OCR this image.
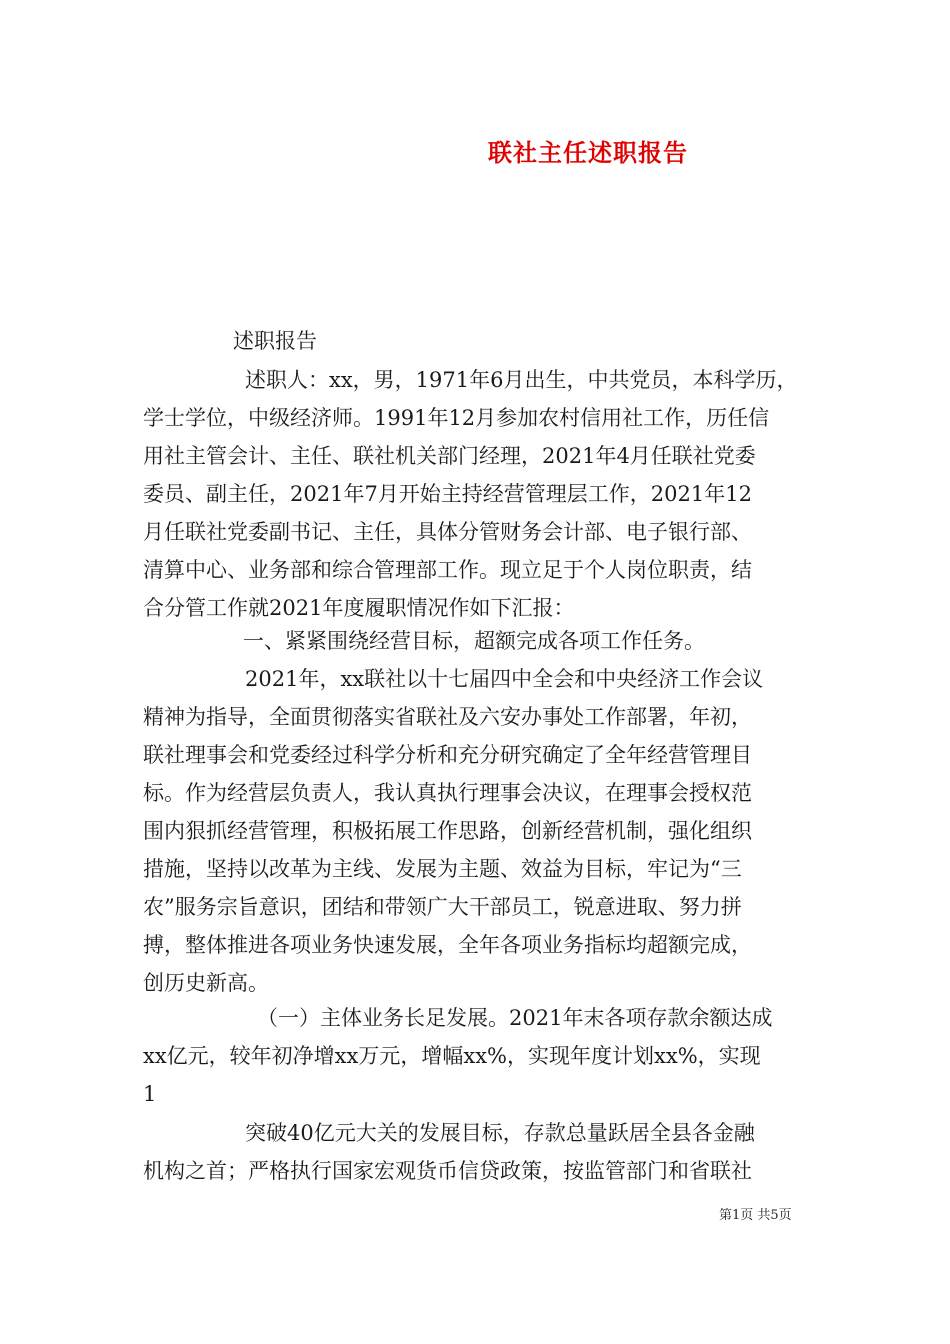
联社主任述职报告
述职报告
述职人：xx，男，1971年6月出生，中共党员，本科学历，
学士学位，中级经济师。1991年12月参加农村信用社工作，历任信
用社主管会计、主任、联社机关部门经理，2021年4月任联社党委
委员、副主任，2021年7月开始主持经营管理层工作，2021年12
月任联社党委副书记、主任，具体分管财务会计部、电子银行部、
清算中心、业务部和综合管理部工作。现立足于个人岗位职责，结
合分管工作就2021年度履职情况作如下汇报：
一、紧紧围绕经营目标，超额完成各项工作任务。
2021年，xx联社以十七届四中全会和中央经济工作会议
精神为指导，全面贯彻落实省联社及六安办事处工作部署，年初，
联社理事会和党委经过科学分析和充分研究确定了全年经营管理目
标。作为经营层负责人，我认真执行理事会决议，在理事会授权范
围内狠抓经营管理，积极拓展工作思路，创新经营机制，强化组织
措施，坚持以改革为主线、发展为主题、效益为目标，牢记为“三
农”服务宗旨意识，团结和带领广大干部员工，锐意进取、努力拼
搏，整体推进各项业务快速发展，全年各项业务指标均超额完成，
创历史新高。
（一）主体业务长足发展。2021年末各项存款余额达成
xx亿元，较年初净增xx万元，增幅xx%，实现年度计划xx%，实现
1
突破40亿元大关的发展目标，存款总量跃居全县各金融
机构之首；严格执行国家宏观货币信贷政策，按监管部门和省联社
第1页 共5页
